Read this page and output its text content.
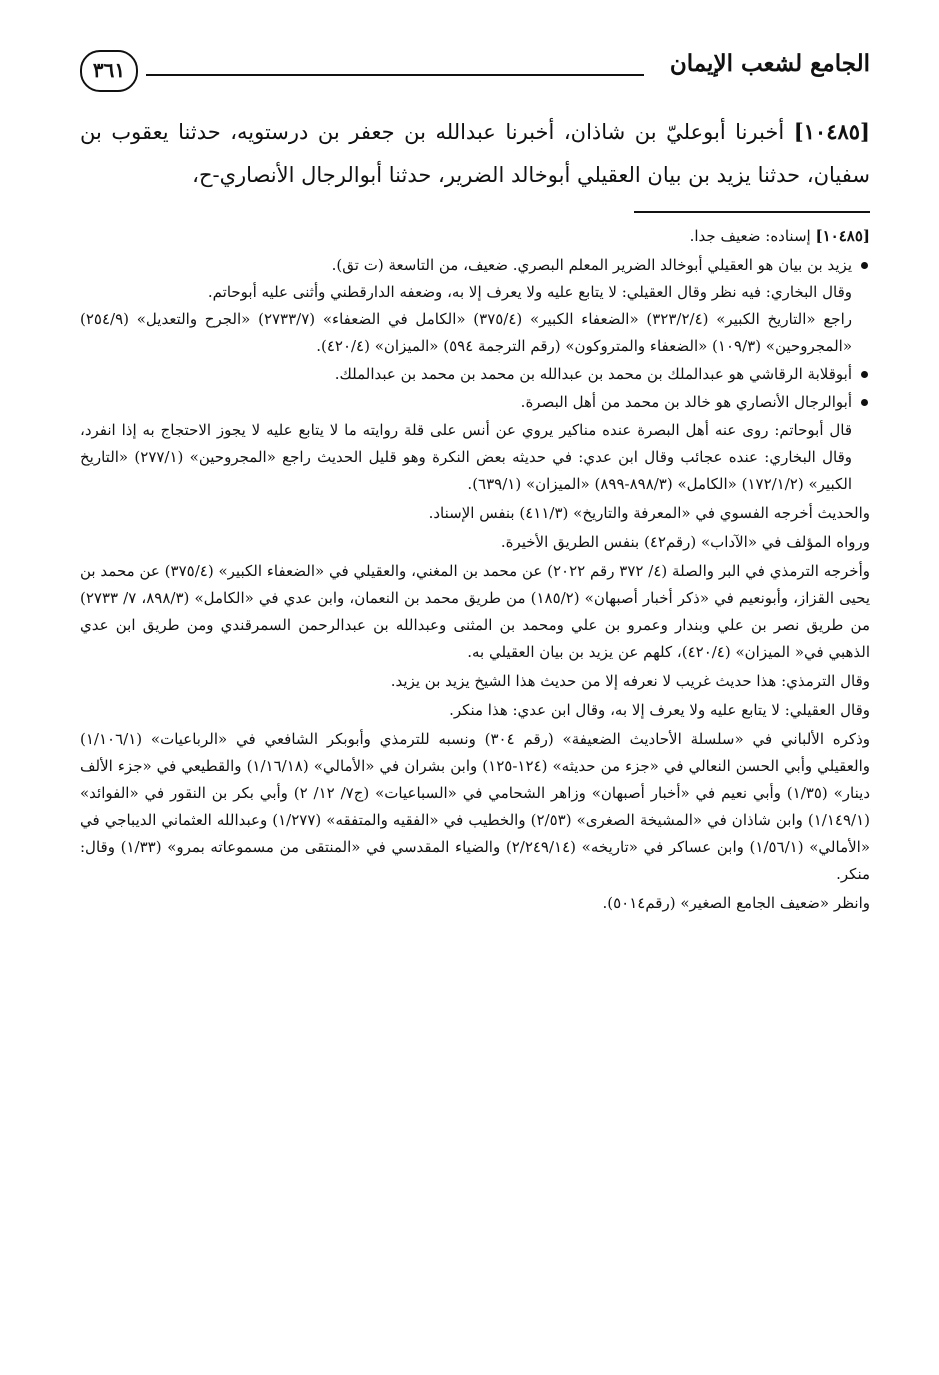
الجامع لشعب الإيمان
٣٦١
[١٠٤٨٥] أخبرنا أبوعليّ بن شاذان، أخبرنا عبدالله بن جعفر بن درستويه، حدثنا يعقوب بن سفيان، حدثنا يزيد بن بيان العقيلي أبوخالد الضرير، حدثنا أبوالرجال الأنصاري-ح،

[١٠٤٨٥] إسناده: ضعيف جدا.

يزيد بن بيان هو العقيلي أبوخالد الضرير المعلم البصري. ضعيف، من التاسعة (ت تق).
وقال البخاري: فيه نظر وقال العقيلي: لا يتابع عليه ولا يعرف إلا به، وضعفه الدارقطني وأثنى عليه أبوحاتم.
راجع «التاريخ الكبير» (٣٢٣/٢/٤) «الضعفاء الكبير» (٣٧٥/٤) «الكامل في الضعفاء» (٢٧٣٣/٧) «الجرح والتعديل» (٢٥٤/٩) «المجروحين» (١٠٩/٣) «الضعفاء والمتروكون» (رقم الترجمة ٥٩٤) «الميزان» (٤٢٠/٤).
أبوقلابة الرقاشي هو عبدالملك بن محمد بن عبدالله بن محمد بن محمد بن عبدالملك.
أبوالرجال الأنصاري هو خالد بن محمد من أهل البصرة.

قال أبوحاتم: روى عنه أهل البصرة عنده مناكير يروي عن أنس على قلة روايته ما لا يتابع عليه لا يجوز الاحتجاج به إذا انفرد، وقال البخاري: عنده عجائب وقال ابن عدي: في حديثه بعض النكرة وهو قليل الحديث راجع «المجروحين» (٢٧٧/١) «التاريخ الكبير» (١٧٢/١/٢) «الكامل» (٨٩٨/٣-٨٩٩) «الميزان» (٦٣٩/١).

والحديث أخرجه الفسوي في «المعرفة والتاريخ» (٤١١/٣) بنفس الإسناد.

ورواه المؤلف في «الآداب» (رقم٤٢) بنفس الطريق الأخيرة.

وأخرجه الترمذي في البر والصلة (٤/ ٣٧٢ رقم ٢٠٢٢) عن محمد بن المغني، والعقيلي في «الضعفاء الكبير» (٣٧٥/٤) عن محمد بن يحيى القزاز، وأبونعيم في «ذكر أخبار أصبهان» (١٨٥/٢) من طريق محمد بن النعمان، وابن عدي في «الكامل» (٨٩٨/٣، ٧/ ٢٧٣٣) من طريق نصر بن علي وبندار وعمرو بن علي ومحمد بن المثنى وعبدالله بن عبدالرحمن السمرقندي ومن طريق ابن عدي الذهبي في« الميزان» (٤٢٠/٤)، كلهم عن يزيد بن بيان العقيلي به.

وقال الترمذي: هذا حديث غريب لا نعرفه إلا من حديث هذا الشيخ يزيد بن يزيد.

وقال العقيلي: لا يتابع عليه ولا يعرف إلا به، وقال ابن عدي: هذا منكر.

وذكره الألباني في «سلسلة الأحاديث الضعيفة» (رقم ٣٠٤) ونسبه للترمذي وأبوبكر الشافعي في «الرباعيات» (١/١٠٦/١) والعقيلي وأبي الحسن النعالي في «جزء من حديثه» (١٢٤-١٢٥) وابن بشران في «الأمالي» (١/١٦/١٨) والقطيعي في «جزء الألف دينار» (١/٣٥) وأبي نعيم في «أخبار أصبهان» وزاهر الشحامي في «السباعيات» (ج٧/ ١٢/ ٢) وأبي بكر بن النقور في «الفوائد» (١/١٤٩/١) وابن شاذان في «المشيخة الصغرى» (٢/٥٣) والخطيب في «الفقيه والمتفقه» (١/٢٧٧) وعبدالله العثماني الديباجي في «الأمالي» (١/٥٦/١) وابن عساكر في «تاريخه» (٢/٢٤٩/١٤) والضياء المقدسي في «المنتقى من مسموعاته بمرو» (١/٣٣) وقال: منكر.

وانظر «ضعيف الجامع الصغير» (رقم٥٠١٤).
